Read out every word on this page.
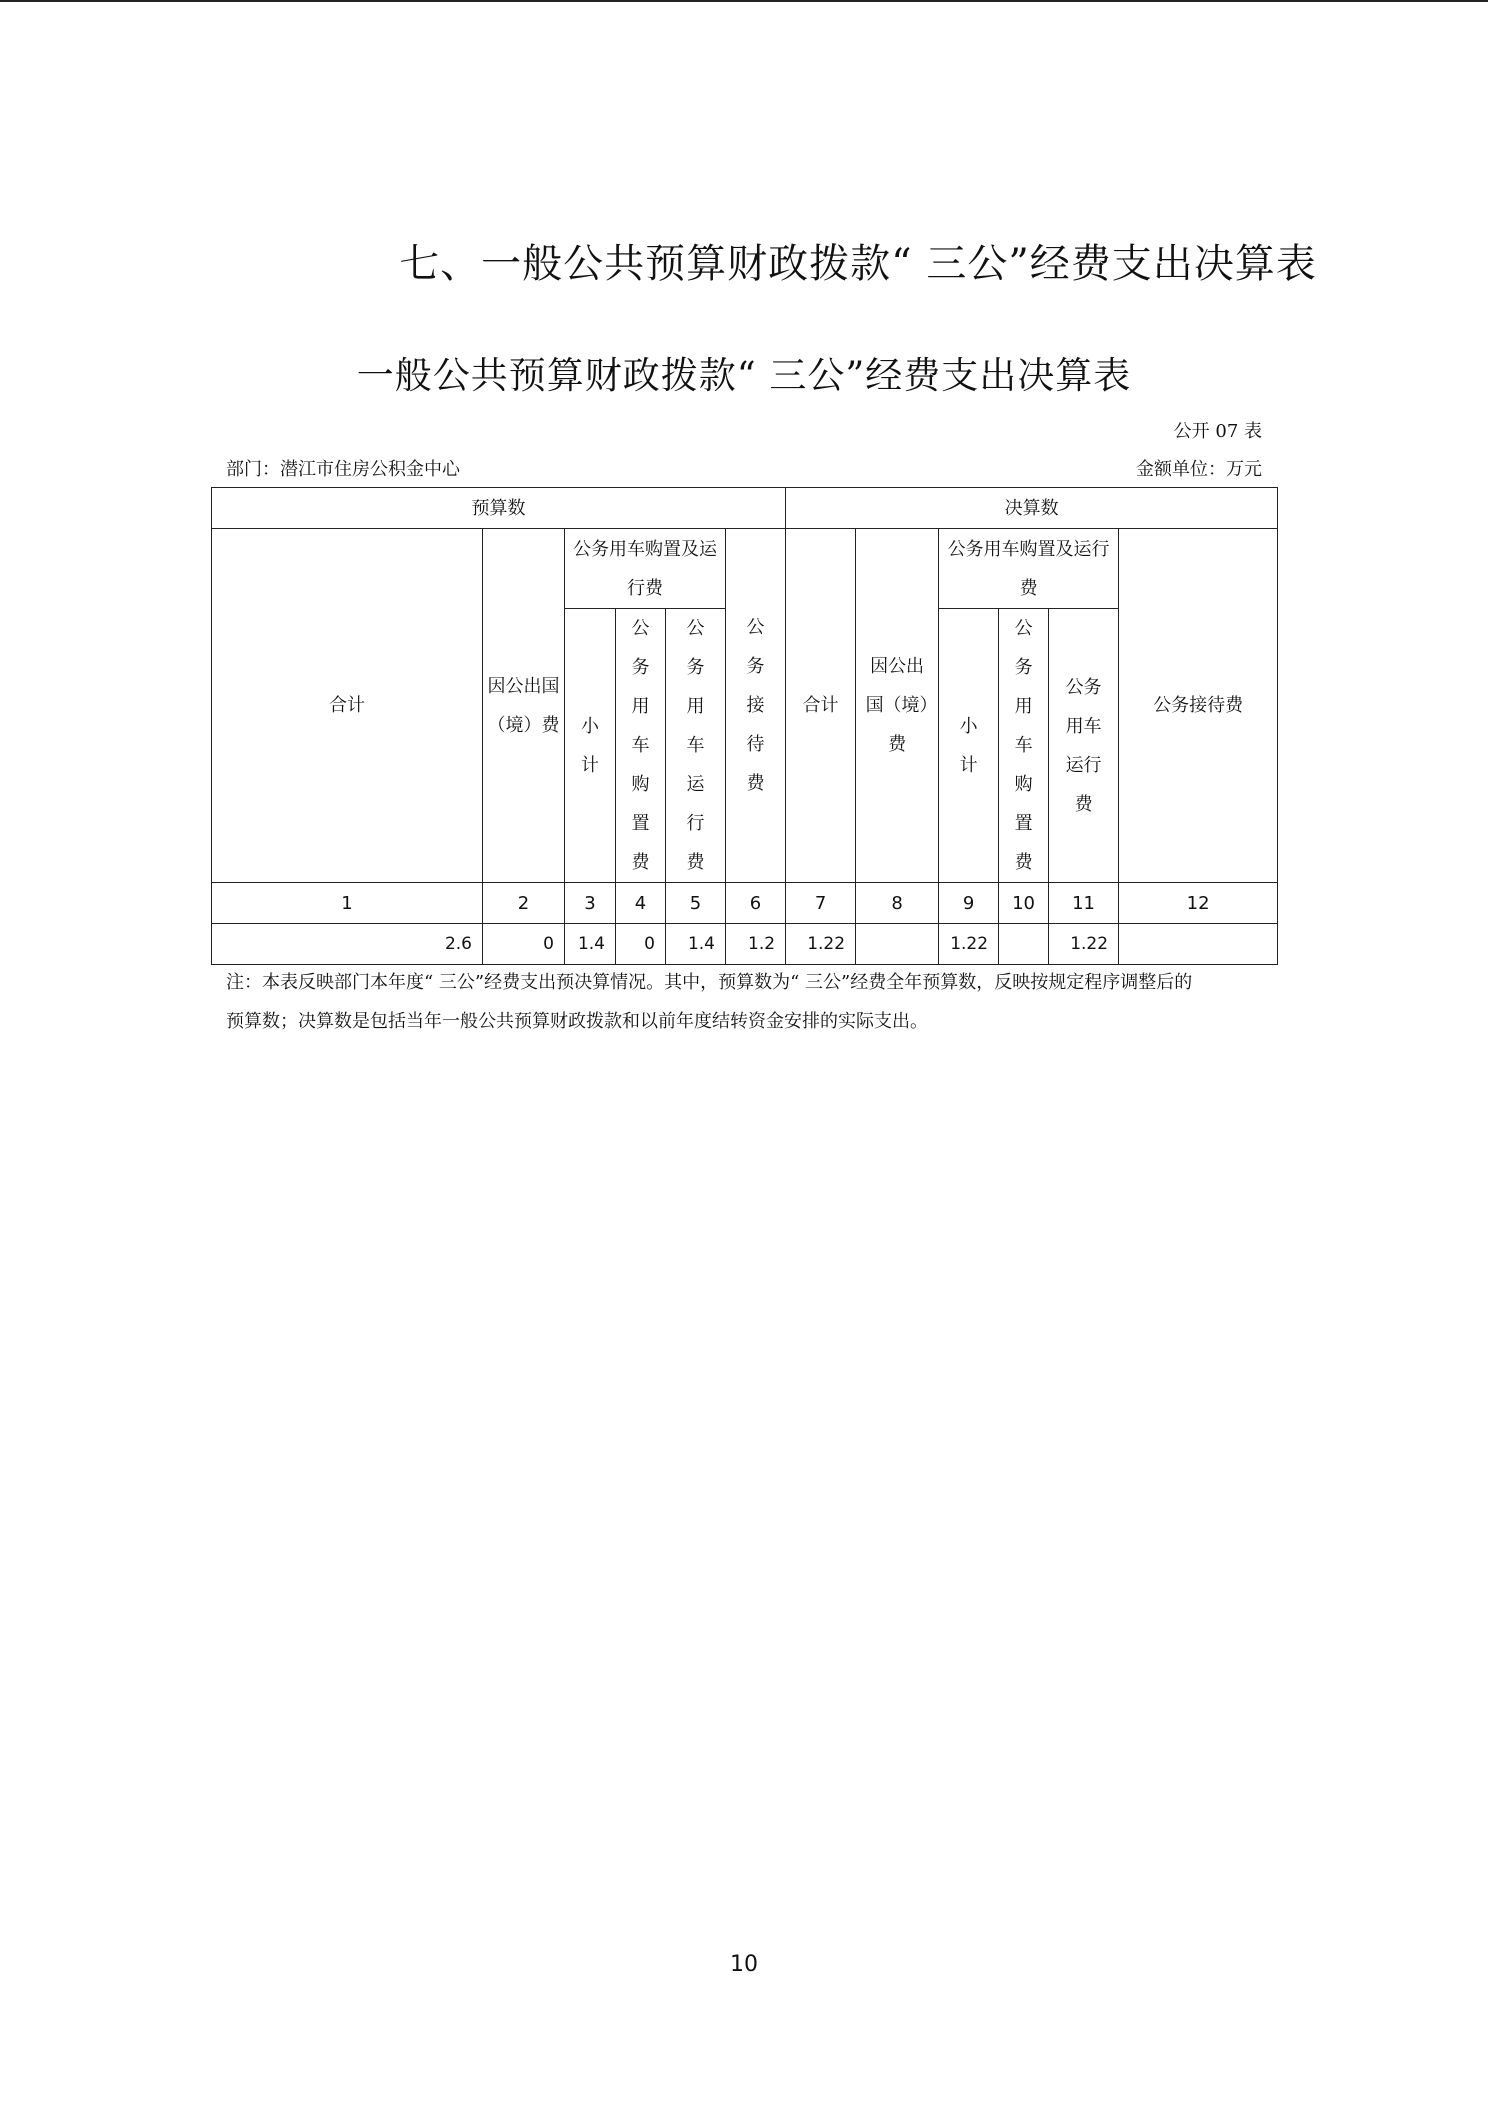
七、一般公共预算财政拨款“ 三公”经费支出决算表
一般公共预算财政拨款“ 三公”经费支出决算表
公开 07 表
部门：潜江市住房公积金中心	金额单位：万元
预算数						决算数					
合计	因公出国（境）费	公务用车购置及运行费			公务接待费	合计	因公出国（境）费	公务用车购置及运行费			公务接待费

		小计	公务用车购置费	公务用车运行费				小计	公务用车购置费	公务用车运行费	

1	2	3	4	5	6	7	8	9	10	11	12
2.6	0	1.4	0	1.4	1.2	1.22		1.22		1.22	
注：本表反映部门本年度“ 三公”经费支出预决算情况。其中，预算数为“ 三公”经费全年预算数，反映按规定程序调整后的
预算数；决算数是包括当年一般公共预算财政拨款和以前年度结转资金安排的实际支出。
10
